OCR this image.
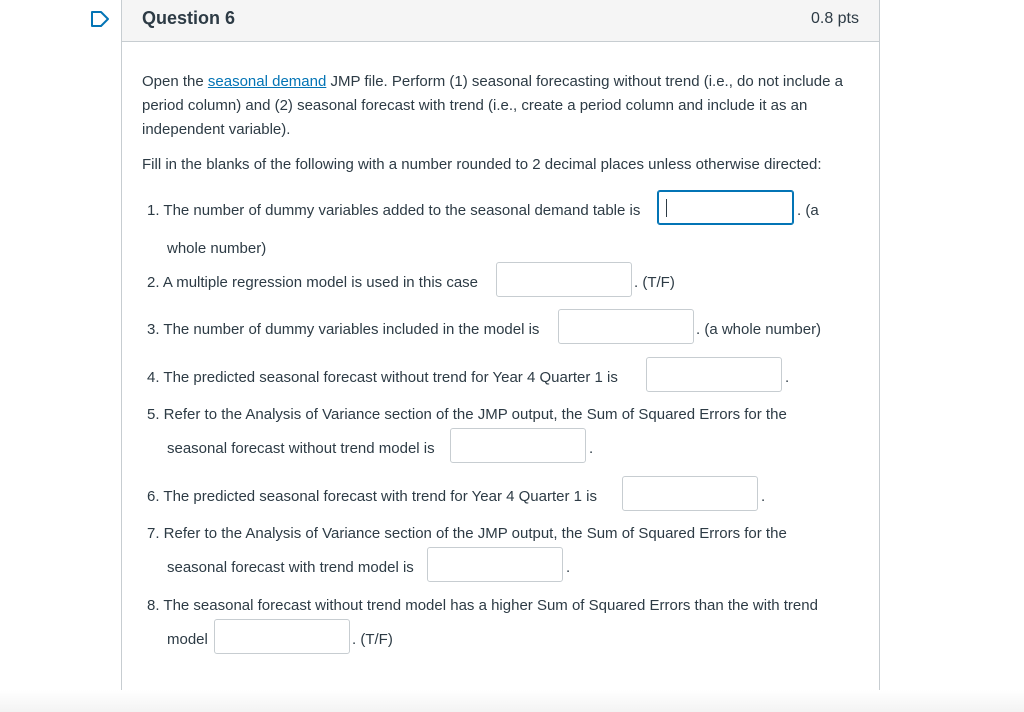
Question 6	0.8 pts
Open the seasonal demand JMP file. Perform (1) seasonal forecasting without trend (i.e., do not include a period column) and (2) seasonal forecast with trend (i.e., create a period column and include it as an independent variable).
Fill in the blanks of the following with a number rounded to 2 decimal places unless otherwise directed:
1. The number of dummy variables added to the seasonal demand table is	. (a
whole number)
2. A multiple regression model is used in this case	. (T/F)
3. The number of dummy variables included in the model is	. (a whole number)
4. The predicted seasonal forecast without trend for Year 4 Quarter 1 is	.
5. Refer to the Analysis of Variance section of the JMP output, the Sum of Squared Errors for the
seasonal forecast without trend model is	.
6. The predicted seasonal forecast with trend for Year 4 Quarter 1 is	.
7. Refer to the Analysis of Variance section of the JMP output, the Sum of Squared Errors for the
seasonal forecast with trend model is	.
8. The seasonal forecast without trend model has a higher Sum of Squared Errors than the with trend
model	. (T/F)
